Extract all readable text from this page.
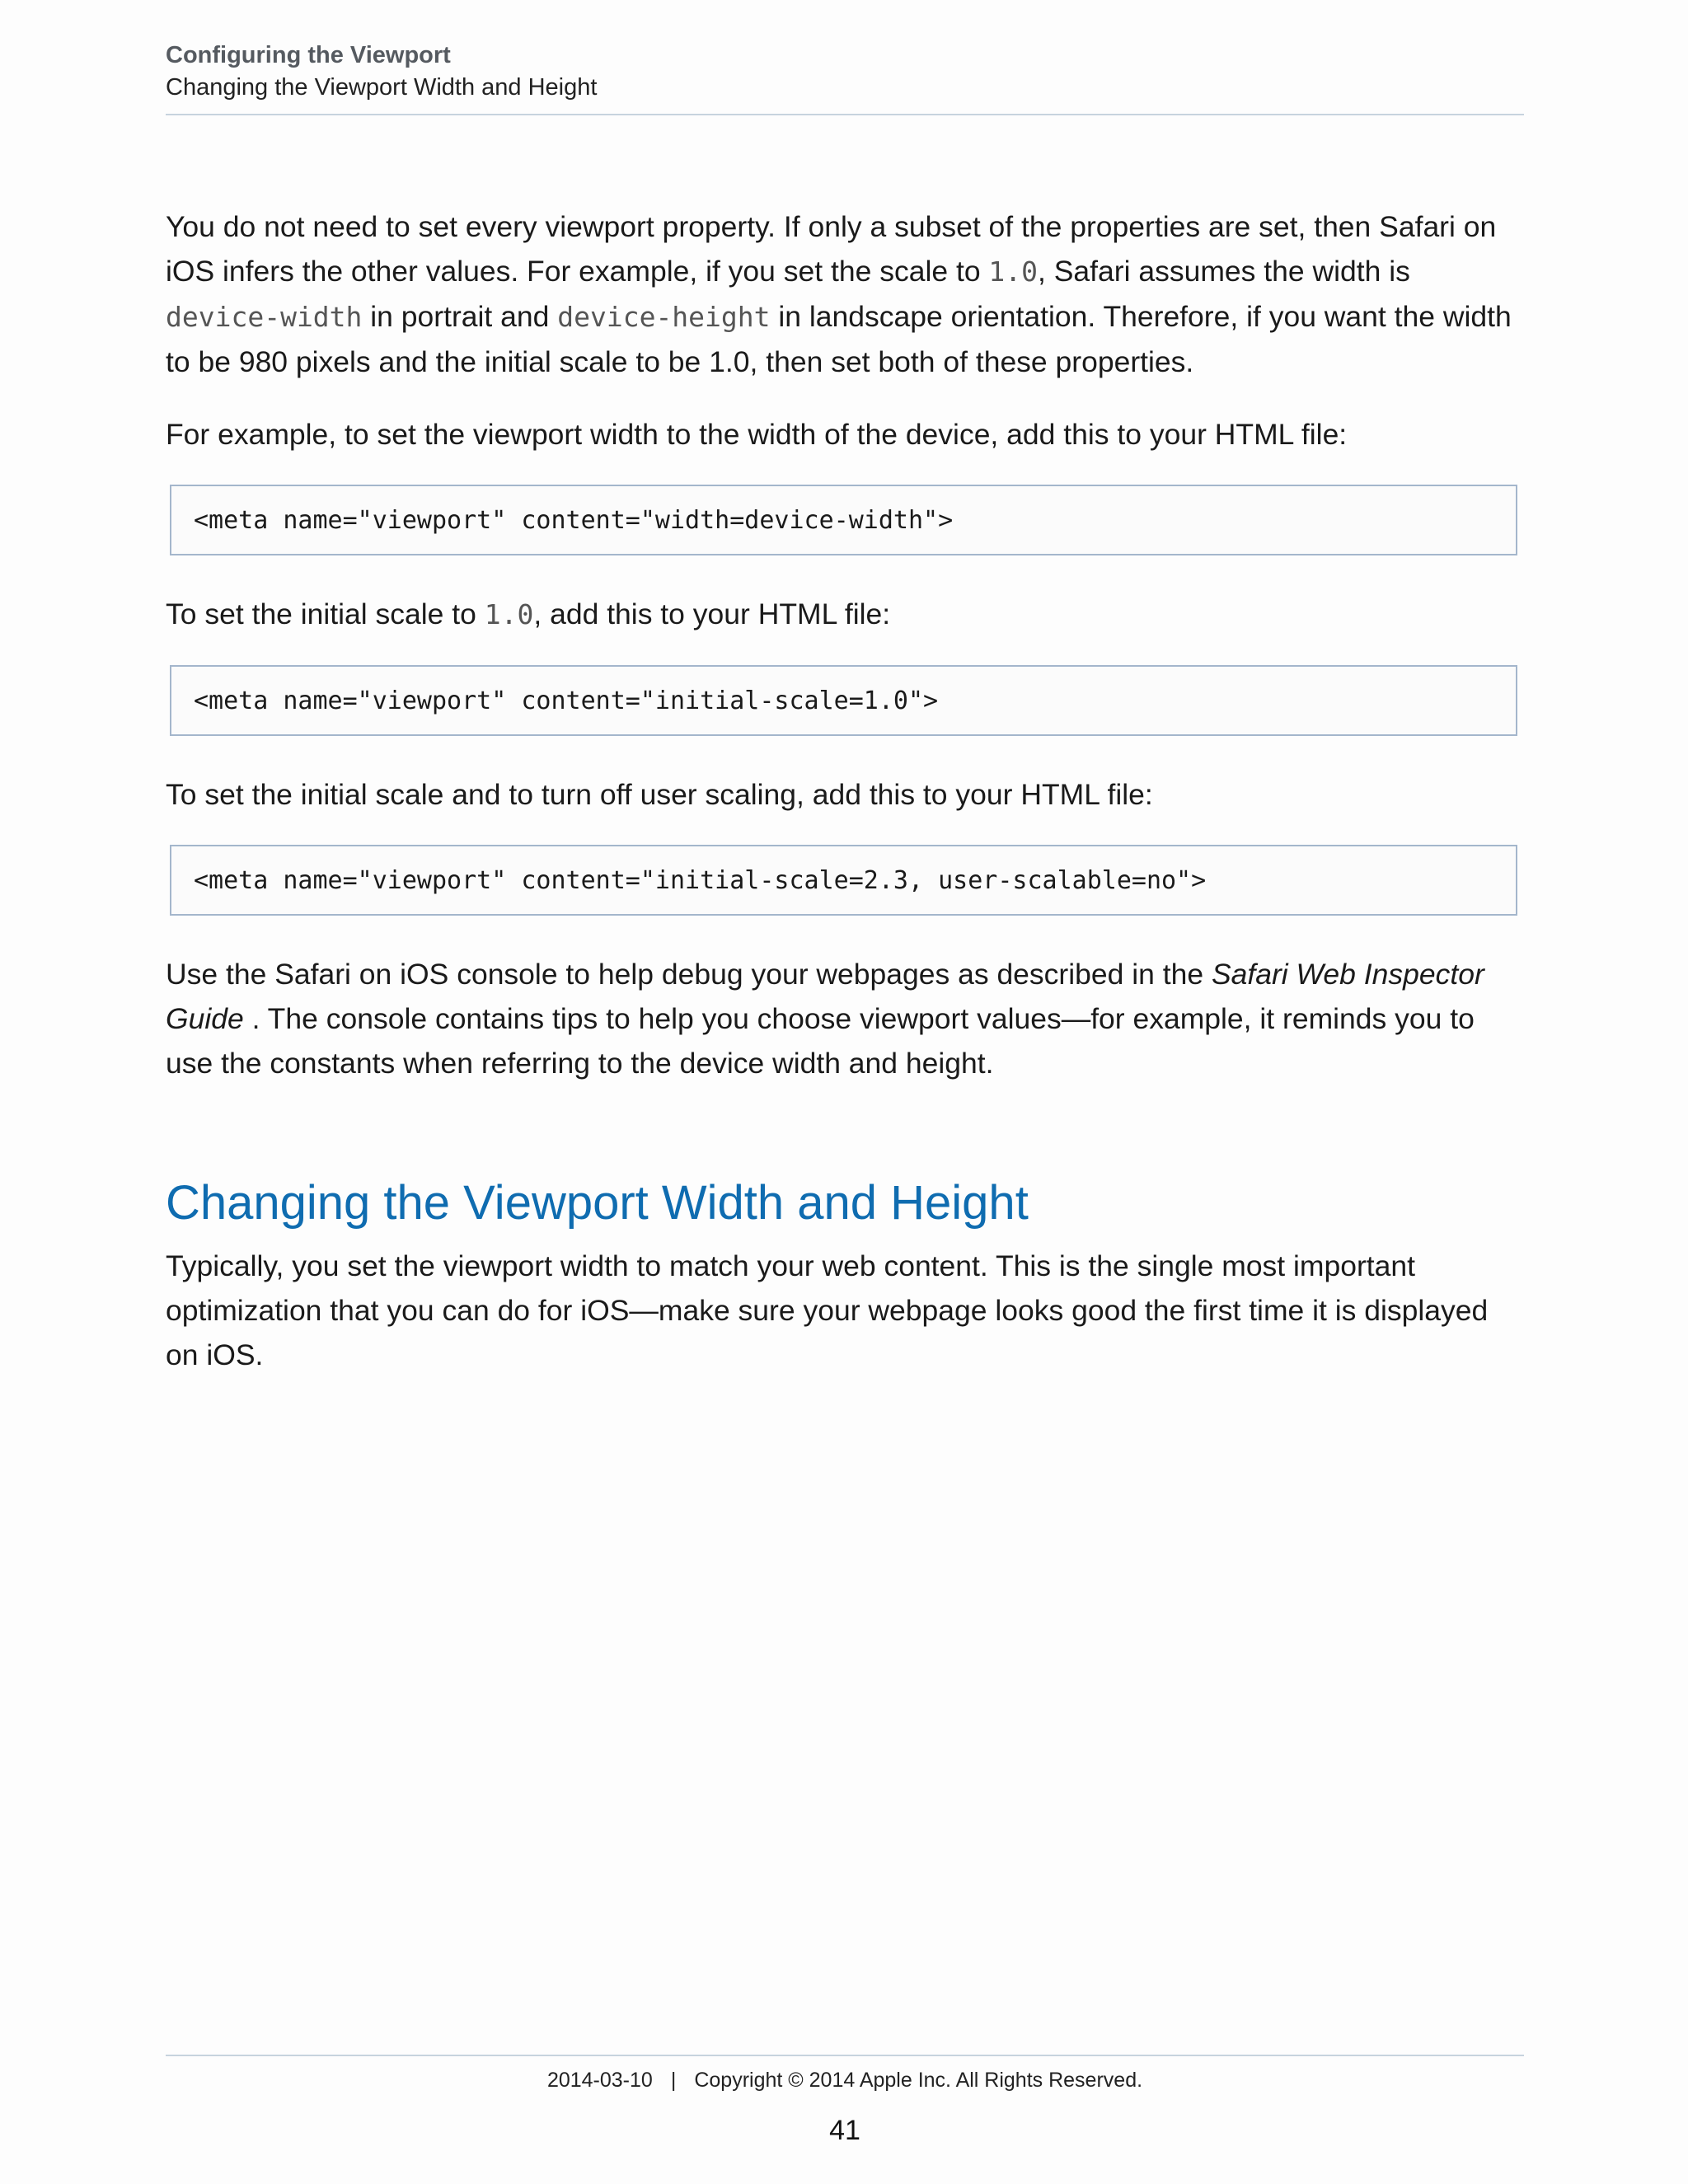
Configuring the Viewport
Changing the Viewport Width and Height

You do not need to set every viewport property. If only a subset of the properties are set, then Safari on iOS infers the other values. For example, if you set the scale to 1.0, Safari assumes the width is device-width in portrait and device-height in landscape orientation. Therefore, if you want the width to be 980 pixels and the initial scale to be 1.0, then set both of these properties.

For example, to set the viewport width to the width of the device, add this to your HTML file:

<meta name="viewport" content="width=device-width">

To set the initial scale to 1.0, add this to your HTML file:

<meta name="viewport" content="initial-scale=1.0">

To set the initial scale and to turn off user scaling, add this to your HTML file:

<meta name="viewport" content="initial-scale=2.3, user-scalable=no">

Use the Safari on iOS console to help debug your webpages as described in the Safari Web Inspector Guide . The console contains tips to help you choose viewport values—for example, it reminds you to use the constants when referring to the device width and height.

Changing the Viewport Width and Height

Typically, you set the viewport width to match your web content. This is the single most important optimization that you can do for iOS—make sure your webpage looks good the first time it is displayed on iOS.

2014-03-10 | Copyright © 2014 Apple Inc. All Rights Reserved.
41
